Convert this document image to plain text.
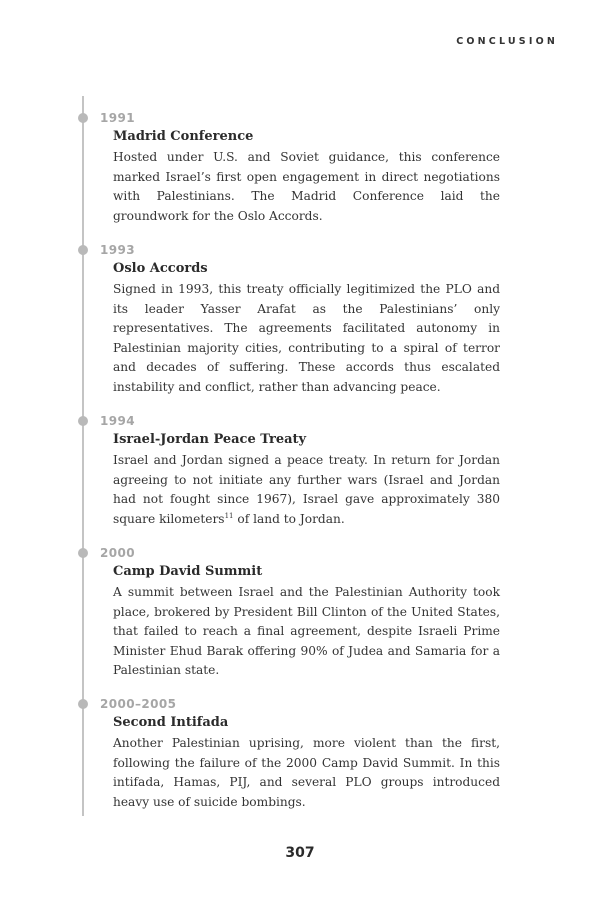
CONCLUSION
1991
Madrid Conference
Hosted under U.S. and Soviet guidance, this conference marked Israel’s first open engagement in direct negotiations with Palestinians. The Madrid Conference laid the groundwork for the Oslo Accords.
1993
Oslo Accords
Signed in 1993, this treaty officially legitimized the PLO and its leader Yasser Arafat as the Palestinians’ only representatives. The agreements facilitated autonomy in Palestinian majority cities, contributing to a spiral of terror and decades of suffering. These accords thus escalated instability and conflict, rather than advancing peace.
1994
Israel-Jordan Peace Treaty
Israel and Jordan signed a peace treaty. In return for Jordan agreeing to not initiate any further wars (Israel and Jordan had not fought since 1967), Israel gave approximately 380 square kilometers$^{11}$ of land to Jordan.
2000
Camp David Summit
A summit between Israel and the Palestinian Authority took place, brokered by President Bill Clinton of the United States, that failed to reach a final agreement, despite Israeli Prime Minister Ehud Barak offering 90% of Judea and Samaria for a Palestinian state.
2000–2005
Second Intifada
Another Palestinian uprising, more violent than the first, following the failure of the 2000 Camp David Summit. In this intifada, Hamas, PIJ, and several PLO groups introduced heavy use of suicide bombings.
307
